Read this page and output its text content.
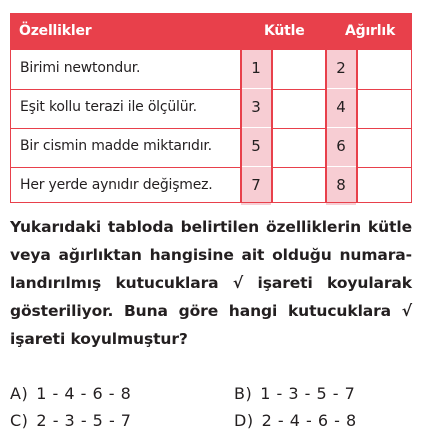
Özellikler	Kütle	Ağırlık
Birimi newtondur.	1	2
Eşit kollu terazi ile ölçülür.	3	4
Bir cismin madde miktarıdır.	5	6
Her yerde aynıdır değişmez.	7	8
Yukarıdaki tabloda belirtilen özelliklerin kütle
veya ağırlıktan hangisine ait olduğu numara-
landırılmış kutucuklara √ işareti koyularak
gösteriliyor. Buna göre hangi kutucuklara √
işareti koyulmuştur?
A) 1 - 4 - 6 - 8	B) 1 - 3 - 5 - 7
C) 2 - 3 - 5 - 7	D) 2 - 4 - 6 - 8
